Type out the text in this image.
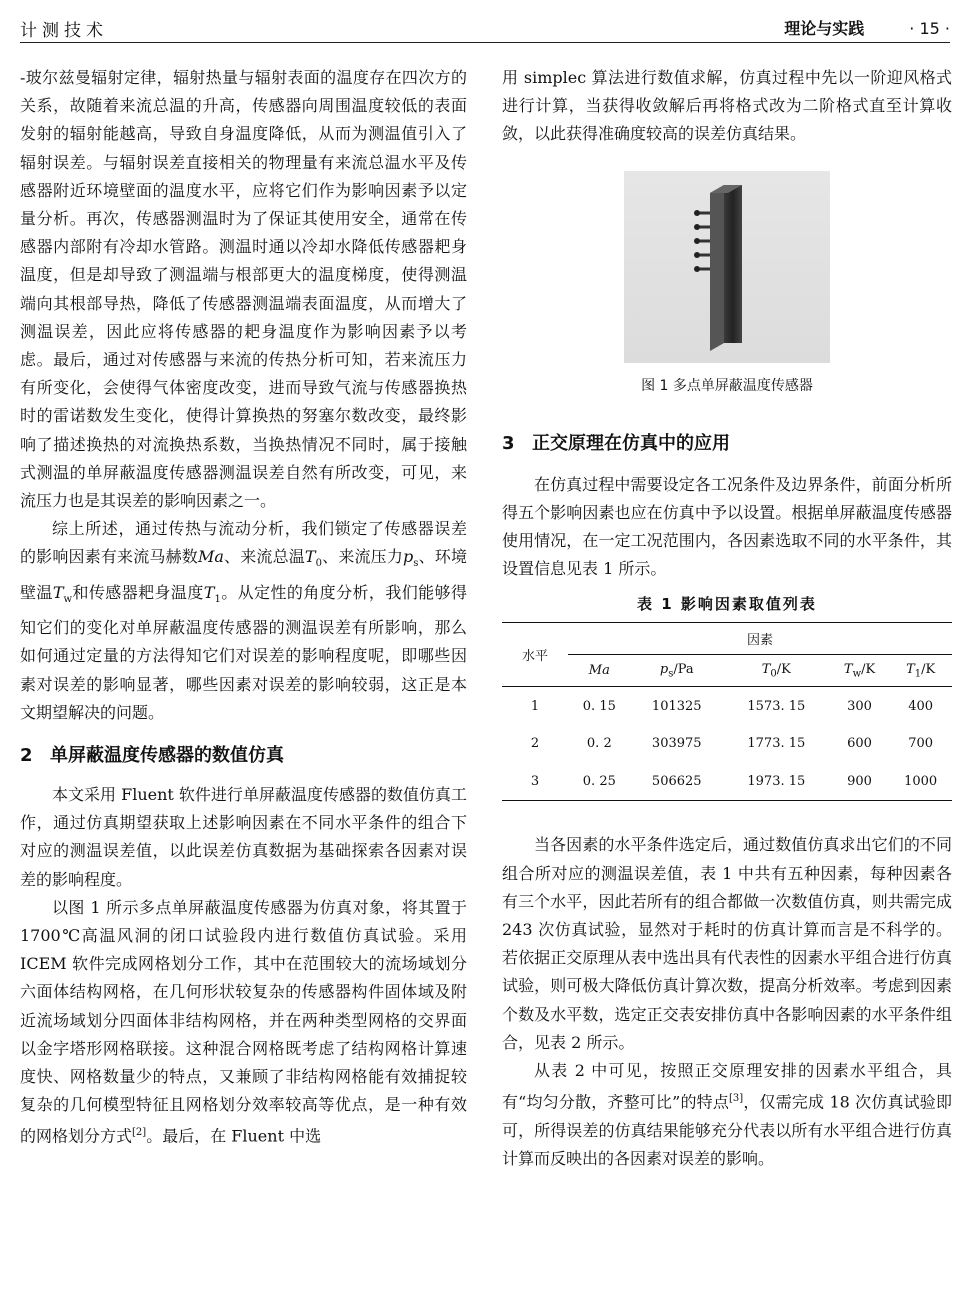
计测技术	理论与实践	· 15 ·

-玻尔兹曼辐射定律，辐射热量与辐射表面的温度存在四次方的关系，故随着来流总温的升高，传感器向周围温度较低的表面发射的辐射能越高，导致自身温度降低，从而为测温值引入了辐射误差。与辐射误差直接相关的物理量有来流总温水平及传感器附近环境壁面的温度水平，应将它们作为影响因素予以定量分析。再次，传感器测温时为了保证其使用安全，通常在传感器内部附有冷却水管路。测温时通以冷却水降低传感器耙身温度，但是却导致了测温端与根部更大的温度梯度，使得测温端向其根部导热，降低了传感器测温端表面温度，从而增大了测温误差，因此应将传感器的耙身温度作为影响因素予以考虑。最后，通过对传感器与来流的传热分析可知，若来流压力有所变化，会使得气体密度改变，进而导致气流与传感器换热时的雷诺数发生变化，使得计算换热的努塞尔数改变，最终影响了描述换热的对流换热系数，当换热情况不同时，属于接触式测温的单屏蔽温度传感器测温误差自然有所改变，可见，来流压力也是其误差的影响因素之一。

综上所述，通过传热与流动分析，我们锁定了传感器误差的影响因素有来流马赫数Ma、来流总温$T_0$、来流压力$p_s$、环境壁温$T_w$和传感器耙身温度$T_1$。从定性的角度分析，我们能够得知它们的变化对单屏蔽温度传感器的测温误差有所影响，那么如何通过定量的方法得知它们对误差的影响程度呢，即哪些因素对误差的影响显著，哪些因素对误差的影响较弱，这正是本文期望解决的问题。

2 单屏蔽温度传感器的数值仿真

本文采用 Fluent 软件进行单屏蔽温度传感器的数值仿真工作，通过仿真期望获取上述影响因素在不同水平条件的组合下对应的测温误差值，以此误差仿真数据为基础探索各因素对误差的影响程度。

以图 1 所示多点单屏蔽温度传感器为仿真对象，将其置于 1700℃高温风洞的闭口试验段内进行数值仿真试验。采用 ICEM 软件完成网格划分工作，其中在范围较大的流场域划分六面体结构网格，在几何形状较复杂的传感器构件固体域及附近流场域划分四面体非结构网格，并在两种类型网格的交界面以金字塔形网格联接。这种混合网格既考虑了结构网格计算速度快、网格数量少的特点，又兼顾了非结构网格能有效捕捉较复杂的几何模型特征且网格划分效率较高等优点，是一种有效的网格划分方式[2]。最后，在 Fluent 中选

用 simplec 算法进行数值求解，仿真过程中先以一阶迎风格式进行计算，当获得收敛解后再将格式改为二阶格式直至计算收敛，以此获得准确度较高的误差仿真结果。

图 1 多点单屏蔽温度传感器
3 正交原理在仿真中的应用

在仿真过程中需要设定各工况条件及边界条件，前面分析所得五个影响因素也应在仿真中予以设置。根据单屏蔽温度传感器使用情况，在一定工况范围内，各因素选取不同的水平条件，其设置信息见表 1 所示。

表 1 影响因素取值列表
水平	因素				
	Ma	$p_s/Pa$	$T_0/K$	$T_w/K$	$T_1/K$
1	0. 15	101325	1573. 15	300	400
2	0. 2	303975	1773. 15	600	700
3	0. 25	506625	1973. 15	900	1000

当各因素的水平条件选定后，通过数值仿真求出它们的不同组合所对应的测温误差值，表 1 中共有五种因素，每种因素各有三个水平，因此若所有的组合都做一次数值仿真，则共需完成 243 次仿真试验，显然对于耗时的仿真计算而言是不科学的。若依据正交原理从表中选出具有代表性的因素水平组合进行仿真试验，则可极大降低仿真计算次数，提高分析效率。考虑到因素个数及水平数，选定正交表安排仿真中各影响因素的水平条件组合，见表 2 所示。

从表 2 中可见，按照正交原理安排的因素水平组合，具有“均匀分散，齐整可比”的特点[3]，仅需完成 18 次仿真试验即可，所得误差的仿真结果能够充分代表以所有水平组合进行仿真计算而反映出的各因素对误差的影响。
